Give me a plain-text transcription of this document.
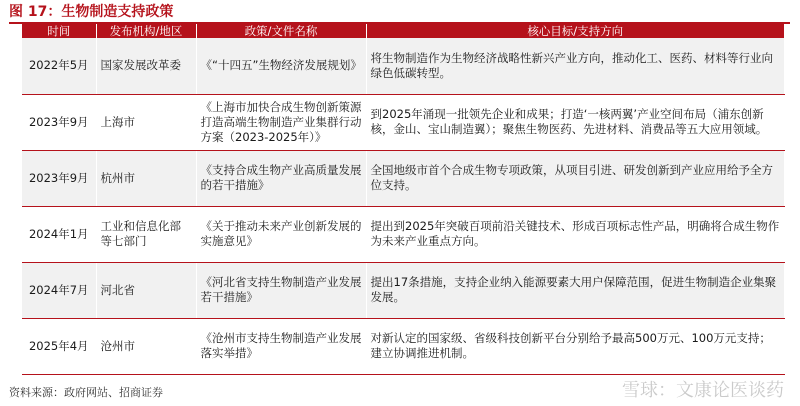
图 17：生物制造支持政策
时间	发布机构/地区	政策/文件名称	核心目标/支持方向
2022年5月	国家发展改革委	《“十四五”生物经济发展规划》	将生物制造作为生物经济战略性新兴产业方向，推动化工、医药、材料等行业向绿色低碳转型。
2023年9月	上海市	《上海市加快合成生物创新策源 打造高端生物制造产业集群行动方案（2023-2025年）》	到2025年涌现一批领先企业和成果；打造‘一核两翼’产业空间布局（浦东创新核，金山、宝山制造翼）；聚焦生物医药、先进材料、消费品等五大应用领域。
2023年9月	杭州市	《支持合成生物产业高质量发展的若干措施》	全国地级市首个合成生物专项政策，从项目引进、研发创新到产业应用给予全方位支持。
2024年1月	工业和信息化部等七部门	《关于推动未来产业创新发展的实施意见》	提出到2025年突破百项前沿关键技术、形成百项标志性产品，明确将合成生物作为未来产业重点方向。
2024年7月	河北省	《河北省支持生物制造产业发展若干措施》	提出17条措施，支持企业纳入能源要素大用户保障范围，促进生物制造企业集聚发展。
2025年4月	沧州市	《沧州市支持生物制造产业发展落实举措》	对新认定的国家级、省级科技创新平台分别给予最高500万元、100万元支持；建立协调推进机制。
资料来源：政府网站、招商证券	雪球：文康论医谈药
